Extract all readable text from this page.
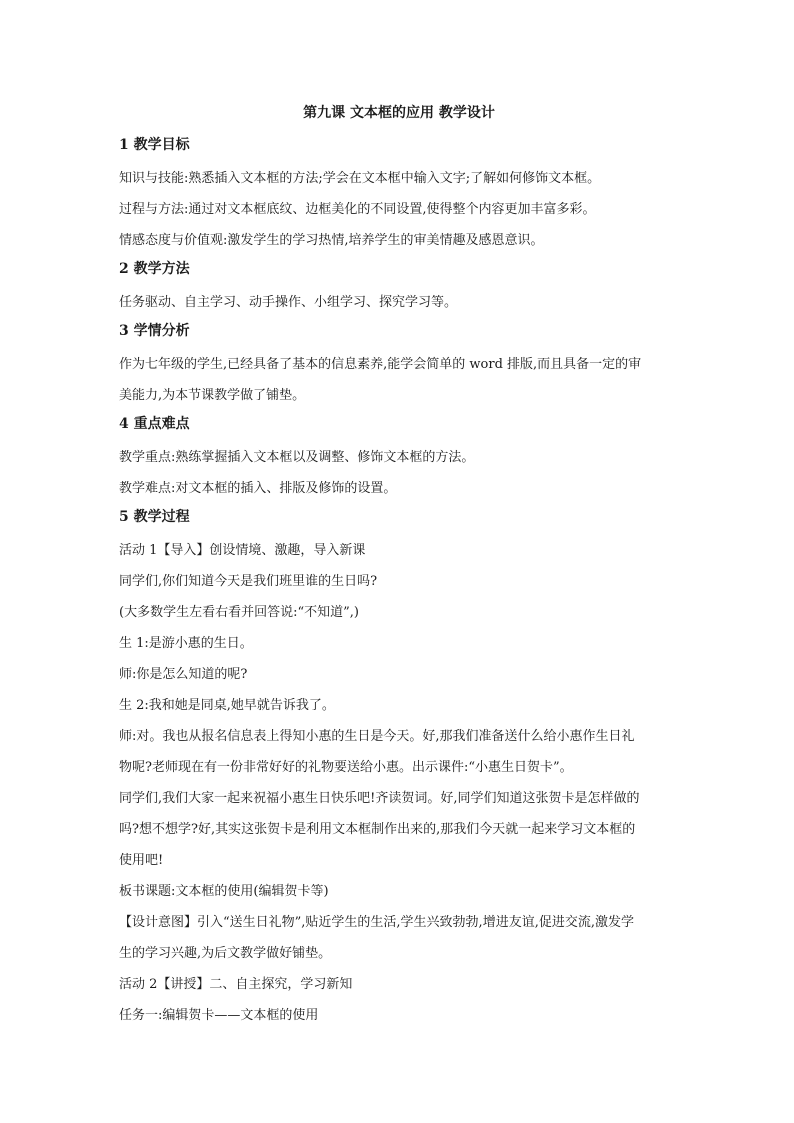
第九课 文本框的应用 教学设计
1 教学目标
知识与技能:熟悉插入文本框的方法;学会在文本框中输入文字;了解如何修饰文本框。
过程与方法:通过对文本框底纹、边框美化的不同设置,使得整个内容更加丰富多彩。
情感态度与价值观:激发学生的学习热情,培养学生的审美情趣及感恩意识。
2 教学方法
任务驱动、自主学习、动手操作、小组学习、探究学习等。
3 学情分析
作为七年级的学生,已经具备了基本的信息素养,能学会简单的 word 排版,而且具备一定的审
美能力,为本节课教学做了铺垫。
4 重点难点
教学重点:熟练掌握插入文本框以及调整、修饰文本框的方法。
教学难点:对文本框的插入、排版及修饰的设置。
5 教学过程
活动 1【导入】创设情境、激趣，导入新课
同学们,你们知道今天是我们班里谁的生日吗?
(大多数学生左看右看并回答说:“不知道”,)
生 1:是游小惠的生日。
师:你是怎么知道的呢?
生 2:我和她是同桌,她早就告诉我了。
师:对。我也从报名信息表上得知小惠的生日是今天。好,那我们准备送什么给小惠作生日礼
物呢?老师现在有一份非常好好的礼物要送给小惠。出示课件:“小惠生日贺卡”。
同学们,我们大家一起来祝福小惠生日快乐吧!齐读贺词。好,同学们知道这张贺卡是怎样做的
吗?想不想学?好,其实这张贺卡是利用文本框制作出来的,那我们今天就一起来学习文本框的
使用吧!
板书课题:文本框的使用(编辑贺卡等)
【设计意图】引入“送生日礼物”,贴近学生的生活,学生兴致勃勃,增进友谊,促进交流,激发学
生的学习兴趣,为后文教学做好铺垫。
活动 2【讲授】二、自主探究，学习新知
任务一:编辑贺卡——文本框的使用
